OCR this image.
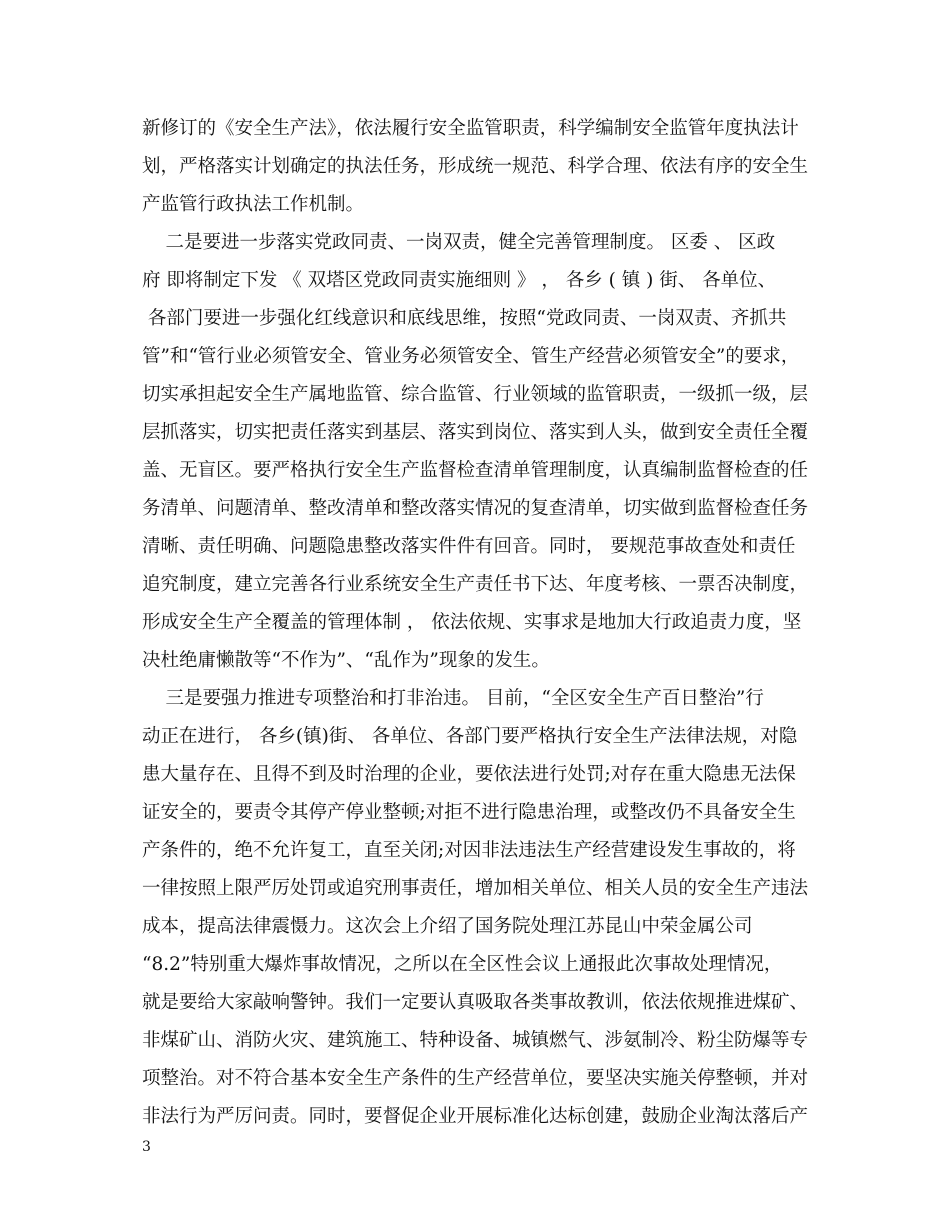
新修订的《安全生产法》，依法履行安全监管职责，科学编制安全监管年度执法计

划，严格落实计划确定的执法任务，形成统一规范、科学合理、依法有序的安全生

产监管行政执法工作机制。

二是要进一步落实党政同责、一岗双责，健全完善管理制度。 区委 、 区政

府 即将制定下发 《 双塔区党政同责实施细则 》 ， 各乡 ( 镇 ) 街、 各单位、

各部门要进一步强化红线意识和底线思维，按照“党政同责、一岗双责、齐抓共

管”和“管行业必须管安全、管业务必须管安全、管生产经营必须管安全”的要求，

切实承担起安全生产属地监管、综合监管、行业领域的监管职责，一级抓一级，层

层抓落实，切实把责任落实到基层、落实到岗位、落实到人头，做到安全责任全覆

盖、无盲区。要严格执行安全生产监督检查清单管理制度，认真编制监督检查的任

务清单、问题清单、整改清单和整改落实情况的复查清单，切实做到监督检查任务

清晰、责任明确、问题隐患整改落实件件有回音。同时， 要规范事故查处和责任

追究制度，建立完善各行业系统安全生产责任书下达、年度考核、一票否决制度，

形成安全生产全覆盖的管理体制 ， 依法依规、实事求是地加大行政追责力度，坚

决杜绝庸懒散等“不作为”、“乱作为”现象的发生。

三是要强力推进专项整治和打非治违。 目前，“全区安全生产百日整治”行

动正在进行， 各乡(镇)街、 各单位、各部门要严格执行安全生产法律法规，对隐

患大量存在、且得不到及时治理的企业，要依法进行处罚;对存在重大隐患无法保

证安全的，要责令其停产停业整顿;对拒不进行隐患治理，或整改仍不具备安全生

产条件的，绝不允许复工，直至关闭;对因非法违法生产经营建设发生事故的，将

一律按照上限严厉处罚或追究刑事责任，增加相关单位、相关人员的安全生产违法

成本，提高法律震慑力。这次会上介绍了国务院处理江苏昆山中荣金属公司

“8.2”特别重大爆炸事故情况，之所以在全区性会议上通报此次事故处理情况，

就是要给大家敲响警钟。我们一定要认真吸取各类事故教训，依法依规推进煤矿、

非煤矿山、消防火灾、建筑施工、特种设备、城镇燃气、涉氨制冷、粉尘防爆等专

项整治。对不符合基本安全生产条件的生产经营单位，要坚决实施关停整顿，并对

非法行为严厉问责。同时，要督促企业开展标准化达标创建，鼓励企业淘汰落后产

3
